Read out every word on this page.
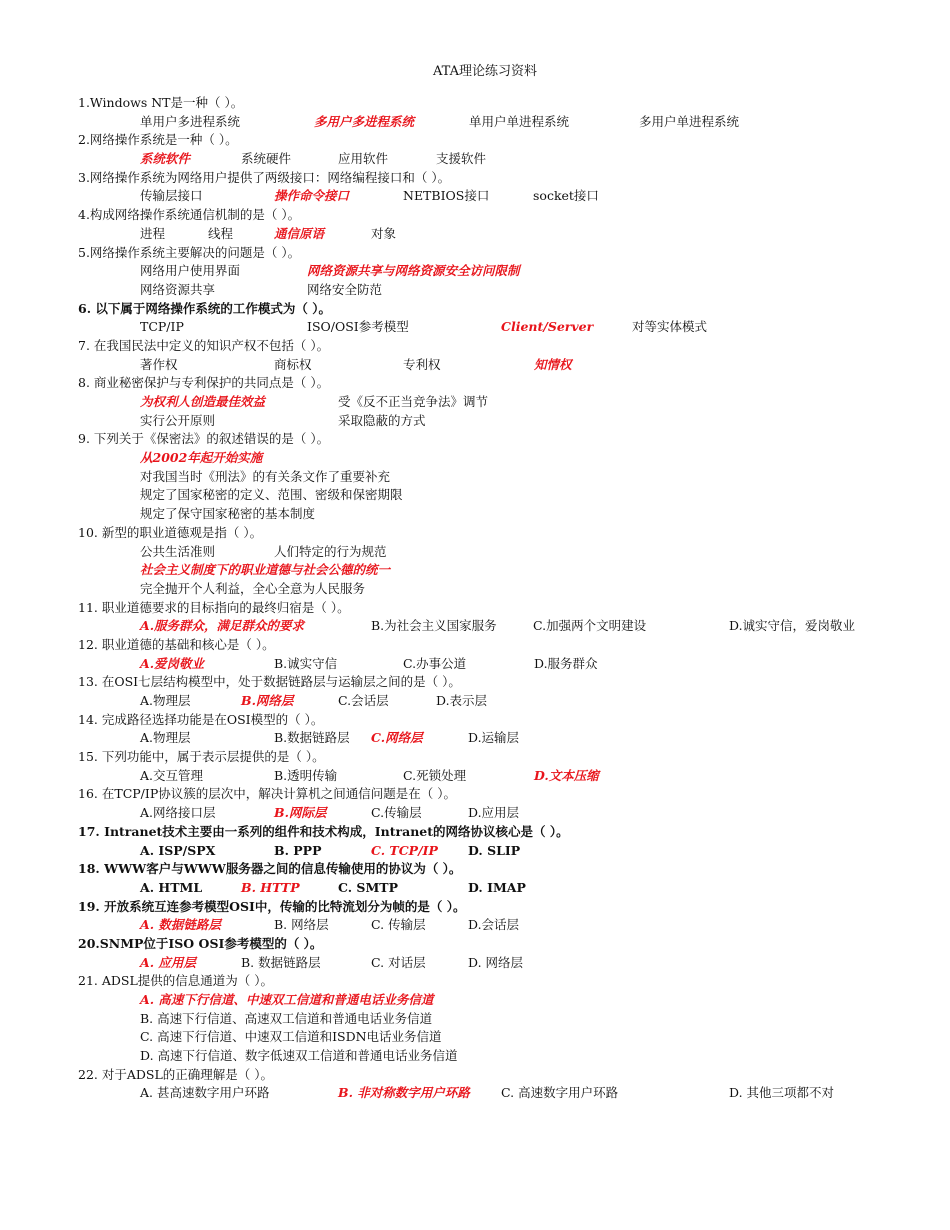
ATA理论练习资料
1.Windows NT是一种（ ）。
单用户多进程系统	多用户多进程系统	单用户单进程系统	多用户单进程系统
2.网络操作系统是一种（ ）。
系统软件	系统硬件	应用软件	支援软件
3.网络操作系统为网络用户提供了两级接口：网络编程接口和（ ）。
传输层接口	操作命令接口	NETBIOS接口	socket接口
4.构成网络操作系统通信机制的是（ ）。
进程	线程	通信原语	对象
5.网络操作系统主要解决的问题是（ ）。
网络用户使用界面	网络资源共享与网络资源安全访问限制
网络资源共享	网络安全防范
6. 以下属于网络操作系统的工作模式为（ ）。
TCP/IP	ISO/OSI参考模型	Client/Server	对等实体模式
7. 在我国民法中定义的知识产权不包括（ ）。
著作权	商标权	专利权	知情权
8. 商业秘密保护与专利保护的共同点是（ ）。
为权利人创造最佳效益	受《反不正当竞争法》调节
实行公开原则	采取隐蔽的方式
9. 下列关于《保密法》的叙述错误的是（ ）。
从2002年起开始实施
对我国当时《刑法》的有关条文作了重要补充
规定了国家秘密的定义、范围、密级和保密期限
规定了保守国家秘密的基本制度
10. 新型的职业道德观是指（ ）。
公共生活准则	人们特定的行为规范
社会主义制度下的职业道德与社会公德的统一
完全抛开个人利益，全心全意为人民服务
11. 职业道德要求的目标指向的最终归宿是（ ）。
A.服务群众，满足群众的要求	B.为社会主义国家服务	C.加强两个文明建设	D.诚实守信，爱岗敬业
12. 职业道德的基础和核心是（ ）。
A.爱岗敬业	B.诚实守信	C.办事公道	D.服务群众
13. 在OSI七层结构模型中，处于数据链路层与运输层之间的是（ ）。
A.物理层	B.网络层	C.会话层	D.表示层
14. 完成路径选择功能是在OSI模型的（ ）。
A.物理层	B.数据链路层 C.网络层	D.运输层
15. 下列功能中，属于表示层提供的是（ ）。
A.交互管理	B.透明传输	C.死锁处理	D.文本压缩
16. 在TCP/IP协议簇的层次中，解决计算机之间通信问题是在（ ）。
A.网络接口层	B.网际层	C.传输层	D.应用层
17. Intranet技术主要由一系列的组件和技术构成，Intranet的网络协议核心是（ ）。
A. ISP/SPX	B. PPP	C. TCP/IP D. SLIP
18. WWW客户与WWW服务器之间的信息传输使用的协议为（ ）。
A. HTML	B. HTTP	C. SMTP	D. IMAP
19. 开放系统互连参考模型OSI中，传输的比特流划分为帧的是（ ）。
A. 数据链路层	B. 网络层	C. 传输层	D.会话层
20.SNMP位于ISO OSI参考模型的（ ）。
A. 应用层	B. 数据链路层	C. 对话层	D. 网络层
21. ADSL提供的信息通道为（ ）。
A. 高速下行信道、中速双工信道和普通电话业务信道
B. 高速下行信道、高速双工信道和普通电话业务信道
C. 高速下行信道、中速双工信道和ISDN电话业务信道
D. 高速下行信道、数字低速双工信道和普通电话业务信道
22. 对于ADSL的正确理解是（ ）。
A. 甚高速数字用户环路	B. 非对称数字用户环路 C. 高速数字用户环路	D. 其他三项都不对
